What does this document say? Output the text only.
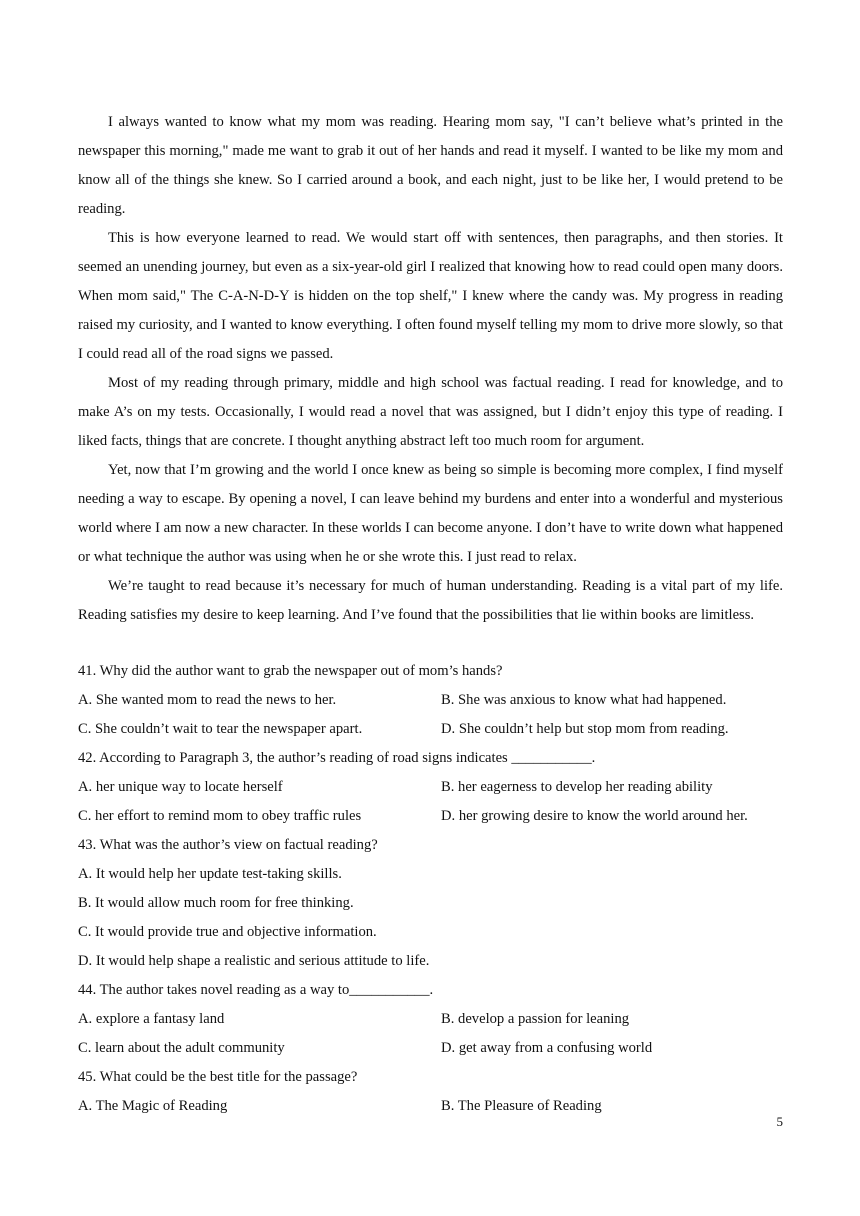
I always wanted to know what my mom was reading. Hearing mom say, "I can’t believe what’s printed in the newspaper this morning," made me want to grab it out of her hands and read it myself. I wanted to be like my mom and know all of the things she knew. So I carried around a book, and each night, just to be like her, I would pretend to be reading.

This is how everyone learned to read. We would start off with sentences, then paragraphs, and then stories. It seemed an unending journey, but even as a six-year-old girl I realized that knowing how to read could open many doors. When mom said," The C-A-N-D-Y is hidden on the top shelf," I knew where the candy was. My progress in reading raised my curiosity, and I wanted to know everything. I often found myself telling my mom to drive more slowly, so that I could read all of the road signs we passed.

Most of my reading through primary, middle and high school was factual reading. I read for knowledge, and to make A’s on my tests. Occasionally, I would read a novel that was assigned, but I didn’t enjoy this type of reading. I liked facts, things that are concrete. I thought anything abstract left too much room for argument.

Yet, now that I’m growing and the world I once knew as being so simple is becoming more complex, I find myself needing a way to escape. By opening a novel, I can leave behind my burdens and enter into a wonderful and mysterious world where I am now a new character. In these worlds I can become anyone. I don’t have to write down what happened or what technique the author was using when he or she wrote this. I just read to relax.

We’re taught to read because it’s necessary for much of human understanding. Reading is a vital part of my life. Reading satisfies my desire to keep learning. And I’ve found that the possibilities that lie within books are limitless.

41. Why did the author want to grab the newspaper out of mom’s hands?
A. She wanted mom to read the news to her.	B. She was anxious to know what had happened.
C. She couldn’t wait to tear the newspaper apart.	D. She couldn’t help but stop mom from reading.
42. According to Paragraph 3, the author’s reading of road signs indicates ___________.
A. her unique way to locate herself	B. her eagerness to develop her reading ability
C. her effort to remind mom to obey traffic rules	D. her growing desire to know the world around her.
43. What was the author’s view on factual reading?
A. It would help her update test-taking skills.
B. It would allow much room for free thinking.
C. It would provide true and objective information.
D. It would help shape a realistic and serious attitude to life.
44. The author takes novel reading as a way to___________.
A. explore a fantasy land	B. develop a passion for leaning
C. learn about the adult community	D. get away from a confusing world
45. What could be the best title for the passage?
A. The Magic of Reading	B. The Pleasure of Reading
5
